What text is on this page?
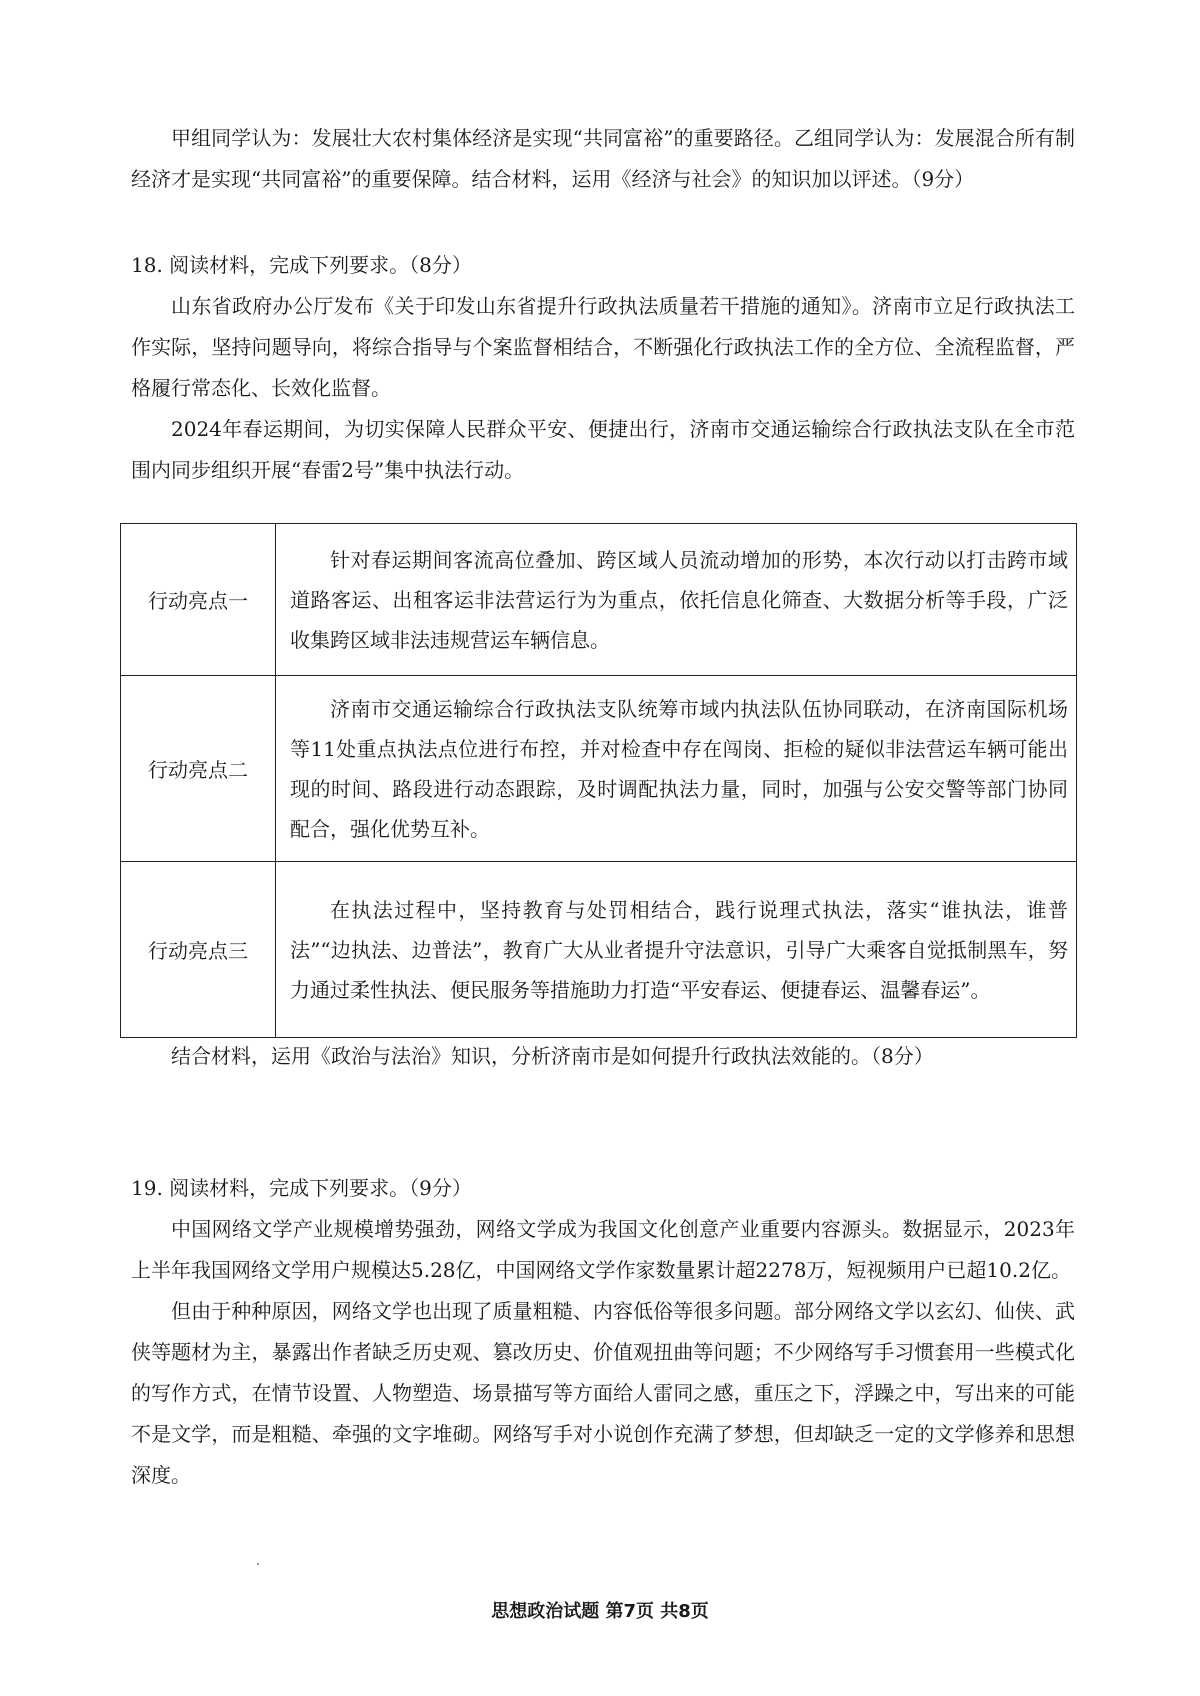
甲组同学认为：发展壮大农村集体经济是实现“共同富裕”的重要路径。乙组同学认为：发展混合所有制经济才是实现“共同富裕”的重要保障。结合材料，运用《经济与社会》的知识加以评述。（9分）

18. 阅读材料，完成下列要求。（8分）

山东省政府办公厅发布《关于印发山东省提升行政执法质量若干措施的通知》。济南市立足行政执法工作实际，坚持问题导向，将综合指导与个案监督相结合，不断强化行政执法工作的全方位、全流程监督，严格履行常态化、长效化监督。

2024年春运期间，为切实保障人民群众平安、便捷出行，济南市交通运输综合行政执法支队在全市范围内同步组织开展“春雷2号”集中执法行动。

行动亮点一	针对春运期间客流高位叠加、跨区域人员流动增加的形势，本次行动以打击跨市域道路客运、出租客运非法营运行为为重点，依托信息化筛查、大数据分析等手段，广泛收集跨区域非法违规营运车辆信息。
行动亮点二	济南市交通运输综合行政执法支队统筹市域内执法队伍协同联动，在济南国际机场等11处重点执法点位进行布控，并对检查中存在闯岗、拒检的疑似非法营运车辆可能出现的时间、路段进行动态跟踪，及时调配执法力量，同时，加强与公安交警等部门协同配合，强化优势互补。
行动亮点三	在执法过程中，坚持教育与处罚相结合，践行说理式执法，落实“谁执法，谁普法”“边执法、边普法”，教育广大从业者提升守法意识，引导广大乘客自觉抵制黑车，努力通过柔性执法、便民服务等措施助力打造“平安春运、便捷春运、温馨春运”。

结合材料，运用《政治与法治》知识，分析济南市是如何提升行政执法效能的。（8分）

19. 阅读材料，完成下列要求。（9分）

中国网络文学产业规模增势强劲，网络文学成为我国文化创意产业重要内容源头。数据显示，2023年上半年我国网络文学用户规模达5.28亿，中国网络文学作家数量累计超2278万，短视频用户已超10.2亿。

但由于种种原因，网络文学也出现了质量粗糙、内容低俗等很多问题。部分网络文学以玄幻、仙侠、武侠等题材为主，暴露出作者缺乏历史观、篡改历史、价值观扭曲等问题；不少网络写手习惯套用一些模式化的写作方式，在情节设置、人物塑造、场景描写等方面给人雷同之感，重压之下，浮躁之中，写出来的可能不是文学，而是粗糙、牵强的文字堆砌。网络写手对小说创作充满了梦想，但却缺乏一定的文学修养和思想深度。

思想政治试题 第7页 共8页
